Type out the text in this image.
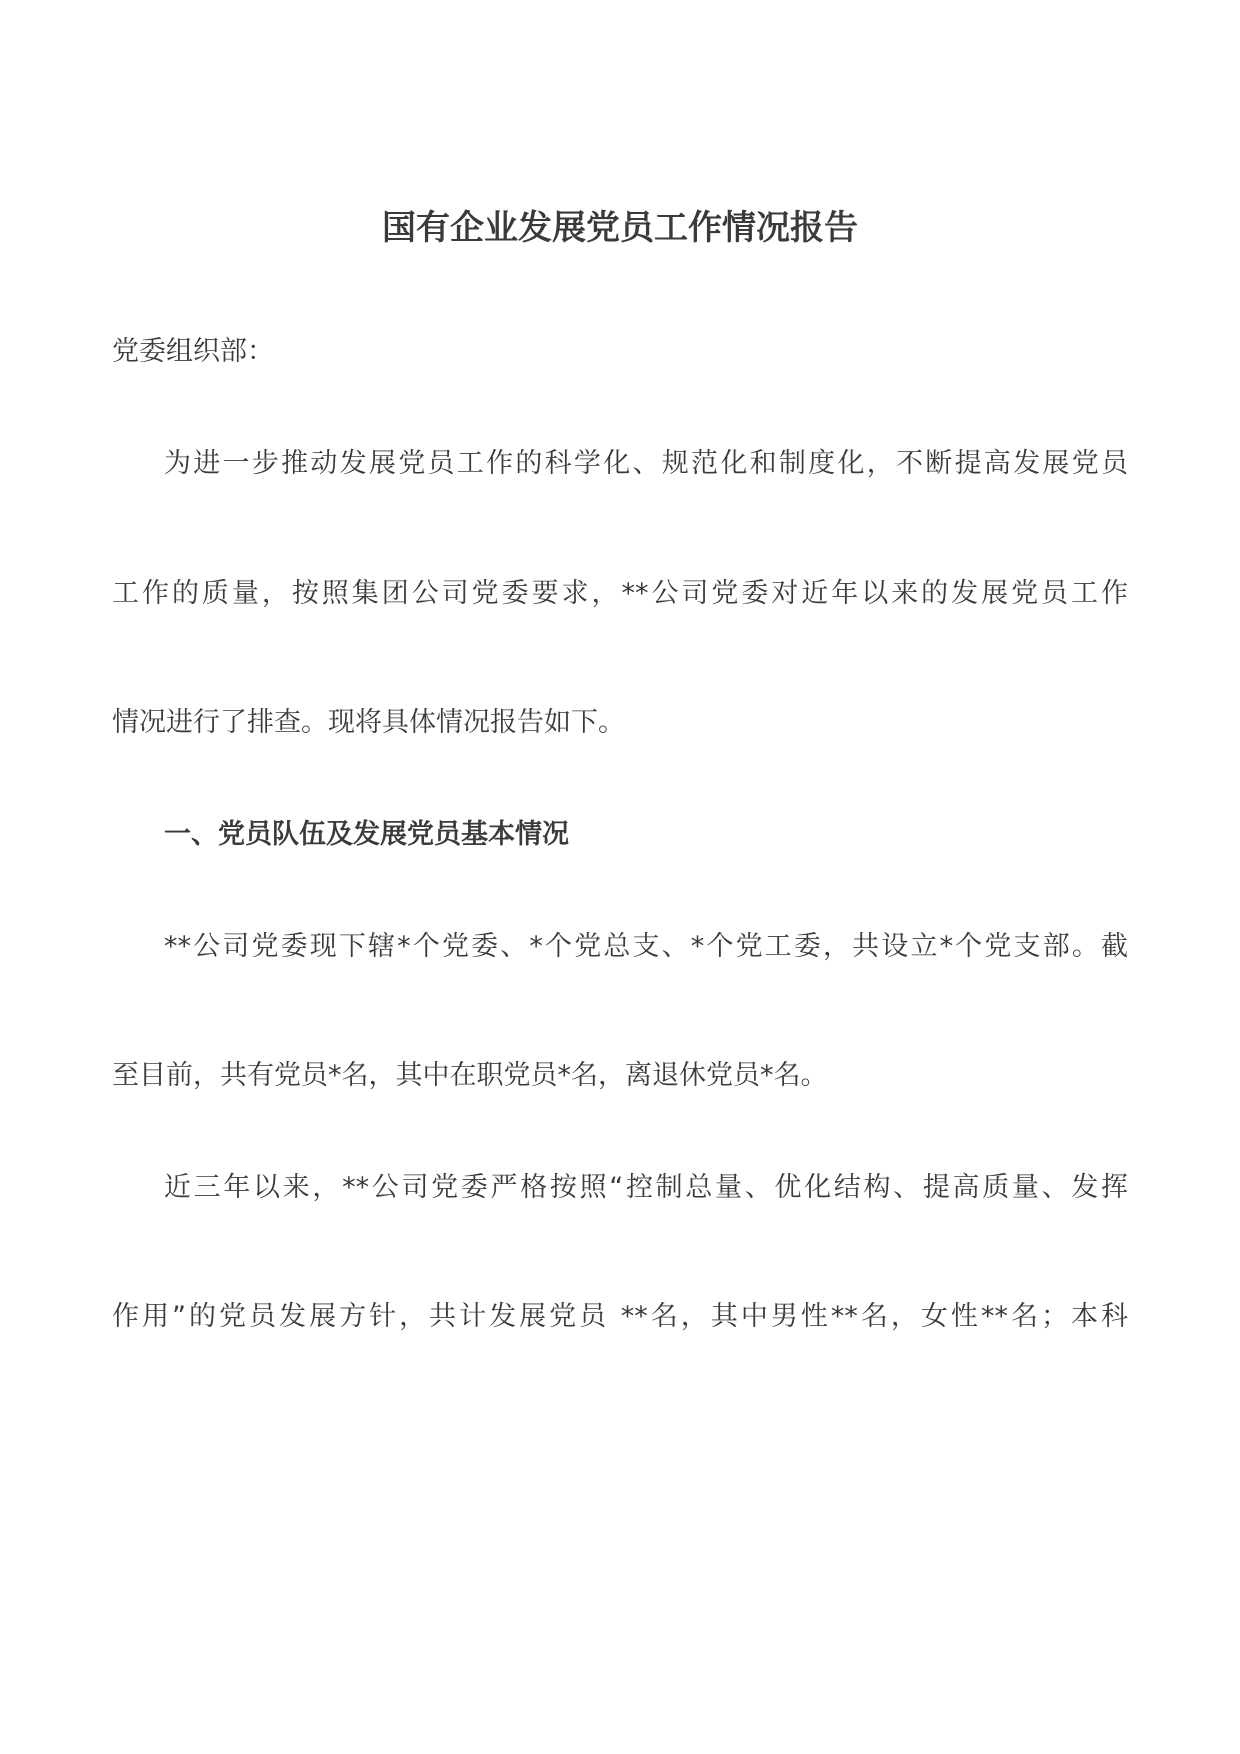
国有企业发展党员工作情况报告

党委组织部：

为进一步推动发展党员工作的科学化、规范化和制度化，不断提高发展党员

工作的质量，按照集团公司党委要求，**公司党委对近年以来的发展党员工作

情况进行了排查。现将具体情况报告如下。

一、党员队伍及发展党员基本情况

**公司党委现下辖*个党委、*个党总支、*个党工委，共设立*个党支部。截

至目前，共有党员*名，其中在职党员*名，离退休党员*名。

近三年以来，**公司党委严格按照“控制总量、优化结构、提高质量、发挥

作用”的党员发展方针，共计发展党员 **名，其中男性**名，女性**名；本科
